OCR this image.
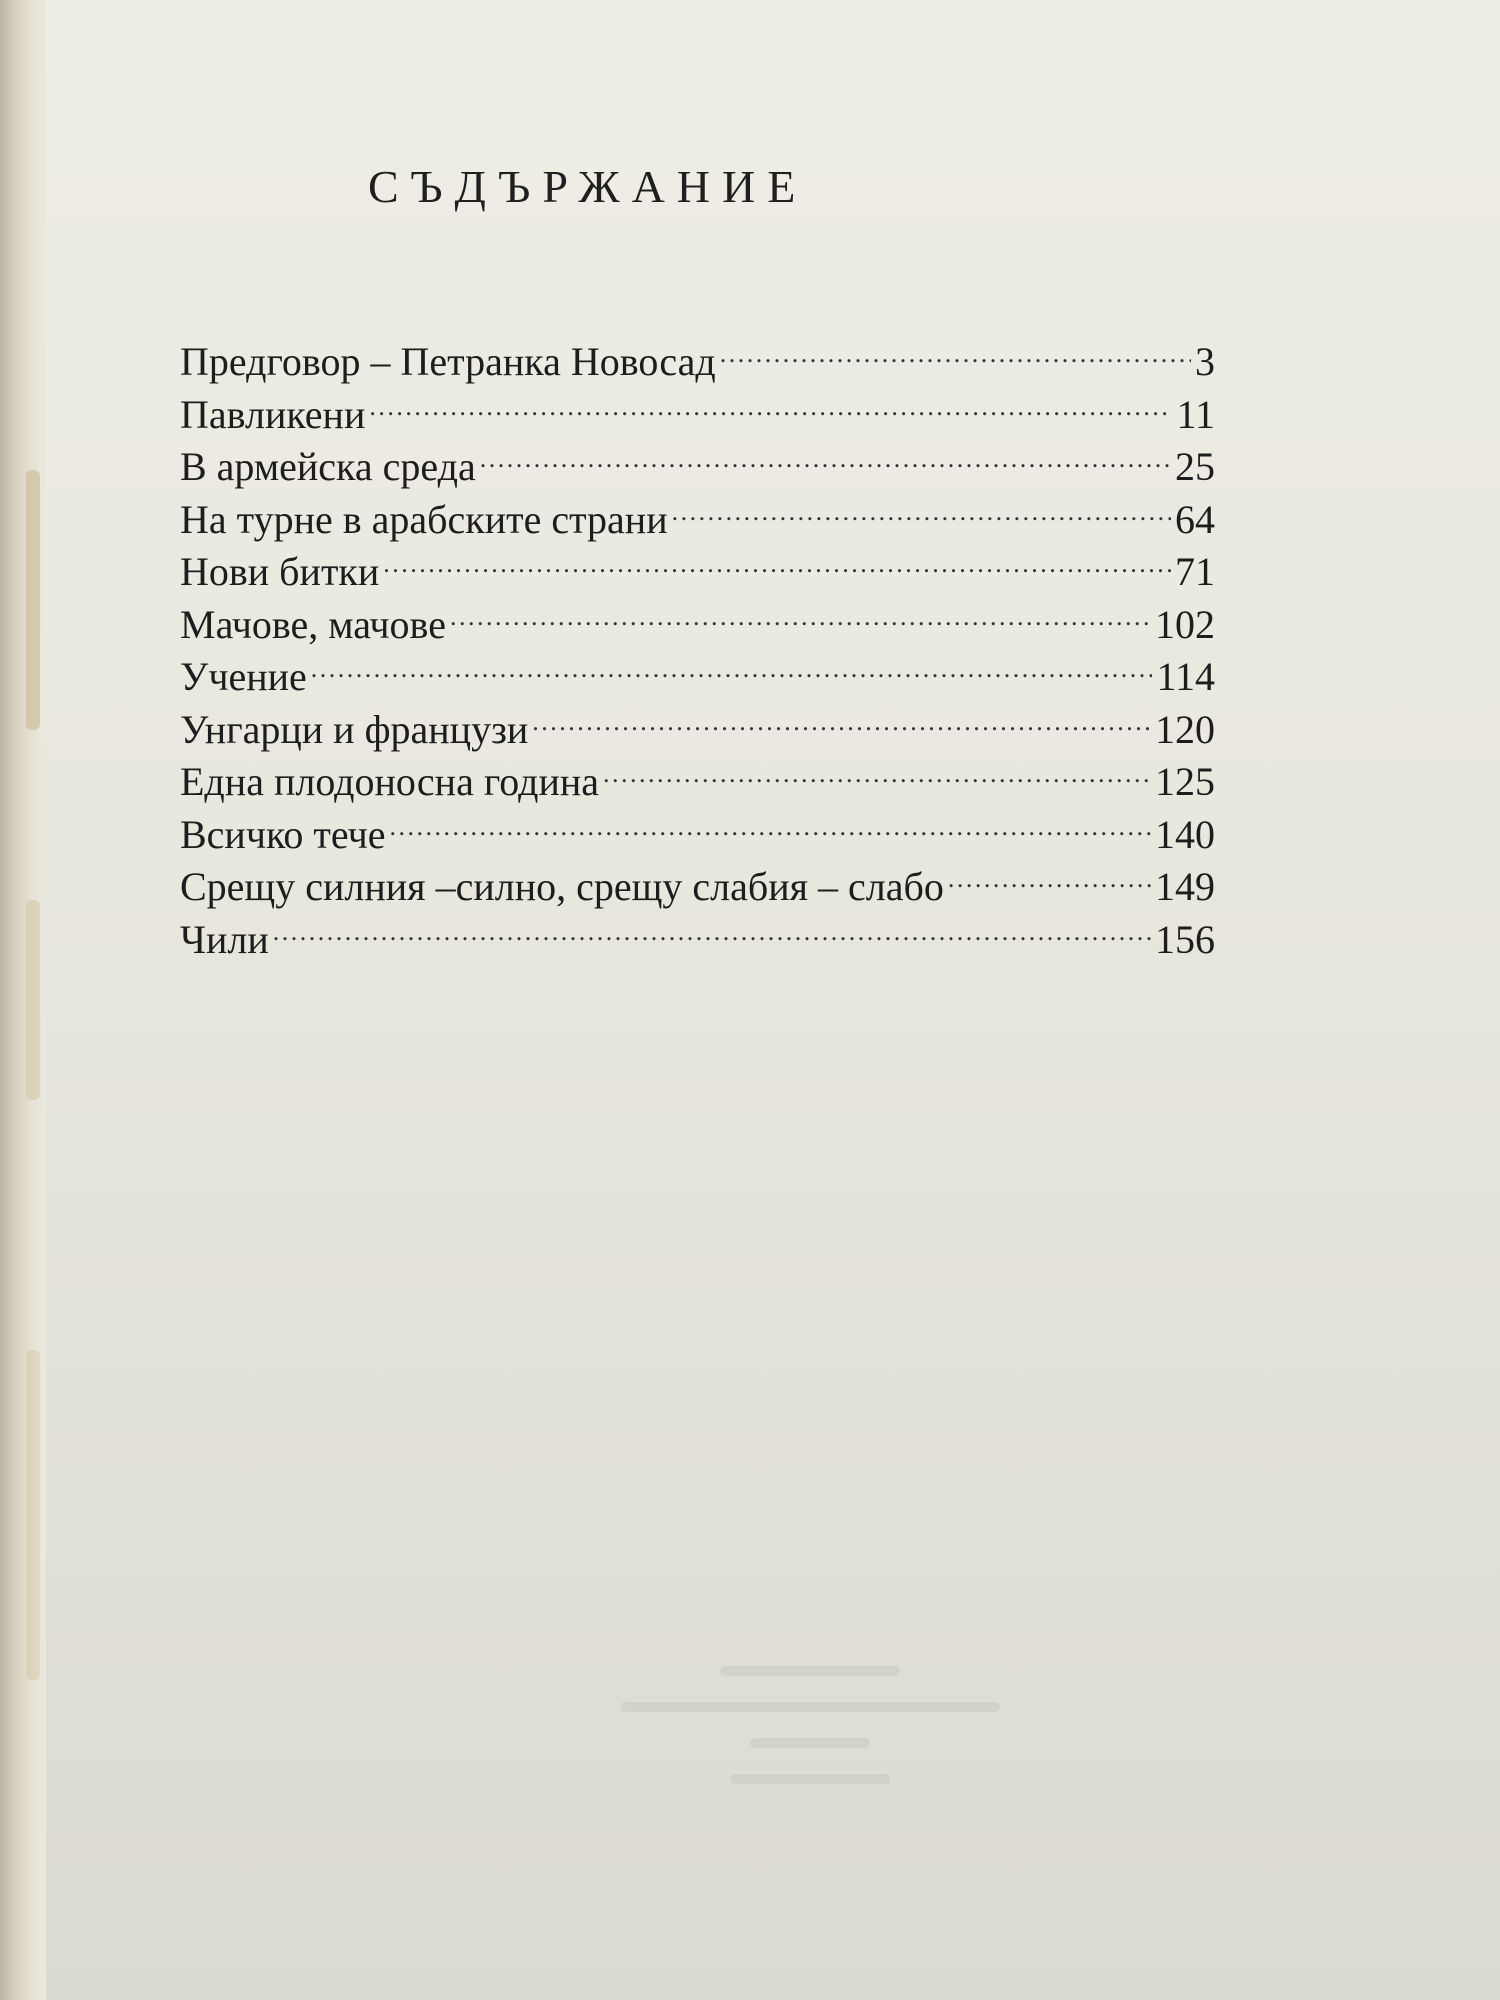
СЪДЪРЖАНИЕ
Предговор – Петранка Новосад . . .	3
Павликени . . .	11
В армейска среда . . .	25
На турне в арабските страни . . .	64
Нови битки . . .	71
Мачове, мачове . . .	102
Учение . . .	114
Унгарци и французи . . .	120
Една плодоносна година . . .	125
Всичко тече . . .	140
Срещу силния –силно, срещу слабия – слабо . . .	149
Чили . . .	156
